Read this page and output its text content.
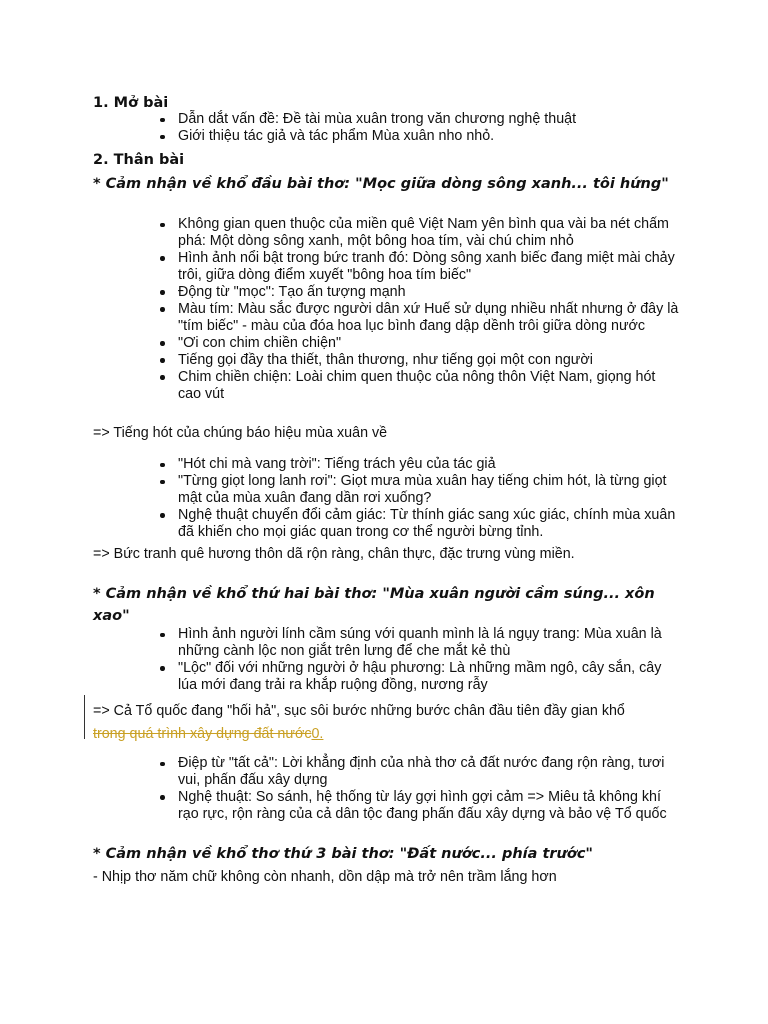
1. Mở bài
Dẫn dắt vấn đề: Đề tài mùa xuân trong văn chương nghệ thuật
Giới thiệu tác giả và tác phẩm Mùa xuân nho nhỏ.
2. Thân bài
* Cảm nhận về khổ đầu bài thơ: "Mọc giữa dòng sông xanh... tôi hứng"
Không gian quen thuộc của miền quê Việt Nam yên bình qua vài ba nét chấm phá: Một dòng sông xanh, một bông hoa tím, vài chú chim nhỏ
Hình ảnh nổi bật trong bức tranh đó: Dòng sông xanh biếc đang miệt mài chảy trôi, giữa dòng điểm xuyết "bông hoa tím biếc"
Động từ "mọc": Tạo ấn tượng mạnh
Màu tím: Màu sắc được người dân xứ Huế sử dụng nhiều nhất nhưng ở đây là "tím biếc" - màu của đóa hoa lục bình đang dập dềnh trôi giữa dòng nước
"Ơi con chim chiền chiện"
Tiếng gọi đầy tha thiết, thân thương, như tiếng gọi một con người
Chim chiền chiện: Loài chim quen thuộc của nông thôn Việt Nam, giọng hót cao vút
=> Tiếng hót của chúng báo hiệu mùa xuân về
"Hót chi mà vang trời": Tiếng trách yêu của tác giả
"Từng giọt long lanh rơi": Giọt mưa mùa xuân hay tiếng chim hót, là từng giọt mật của mùa xuân đang dần rơi xuống?
Nghệ thuật chuyển đổi cảm giác: Từ thính giác sang xúc giác, chính mùa xuân đã khiến cho mọi giác quan trong cơ thể người bừng tỉnh.
=> Bức tranh quê hương thôn dã rộn ràng, chân thực, đặc trưng vùng miền.
* Cảm nhận về khổ thứ hai bài thơ: "Mùa xuân người cầm súng... xôn xao"
Hình ảnh người lính cầm súng với quanh mình là lá ngụy trang: Mùa xuân là những cành lộc non giắt trên lưng để che mắt kẻ thù
"Lộc" đối với những người ở hậu phương: Là những mầm ngô, cây sắn, cây lúa mới đang trải ra khắp ruộng đồng, nương rẫy
=> Cả Tổ quốc đang "hối hả", sục sôi bước những bước chân đầu tiên đầy gian khổ
trong quá trình xây dựng đất nước0.
Điệp từ "tất cả": Lời khẳng định của nhà thơ cả đất nước đang rộn ràng, tươi vui, phấn đấu xây dựng
Nghệ thuật: So sánh, hệ thống từ láy gợi hình gợi cảm => Miêu tả không khí rạo rực, rộn ràng của cả dân tộc đang phấn đấu xây dựng và bảo vệ Tổ quốc
* Cảm nhận về khổ thơ thứ 3 bài thơ: "Đất nước... phía trước"
- Nhịp thơ năm chữ không còn nhanh, dồn dập mà trở nên trầm lắng hơn
